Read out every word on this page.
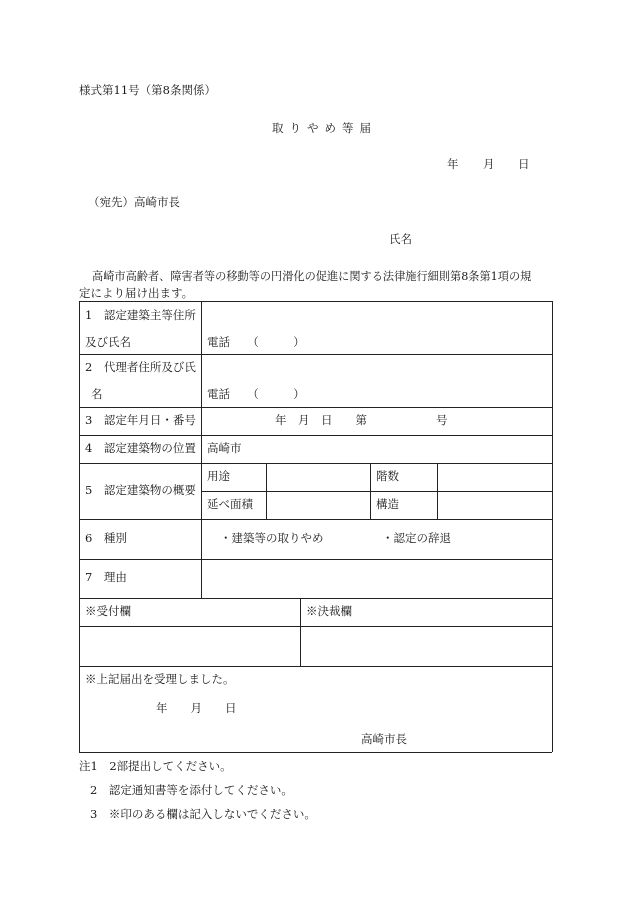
様式第11号（第8条関係）
取りやめ等届
年 月 日
（宛先）高崎市長
氏名
高崎市高齢者、障害者等の移動等の円滑化の促進に関する法律施行細則第8条第1項の規
定により届け出ます。
1　認定建築主等住所
及び氏名	電話　　（　　　）
2　代理者住所及び氏
名	電話　　（　　　）
3　認定年月日・番号	年　月　日　　第　　　　　　号
4　認定建築物の位置 高崎市
5　認定建築物の概要
用途	階数
延べ面積	構造
6　種別	・建築等の取りやめ	・認定の辞退
7　理由
※受付欄	※決裁欄
※上記届出を受理しました。
年　　月　　日
高崎市長
注1　2部提出してください。
2　認定通知書等を添付してください。
3　※印のある欄は記入しないでください。
